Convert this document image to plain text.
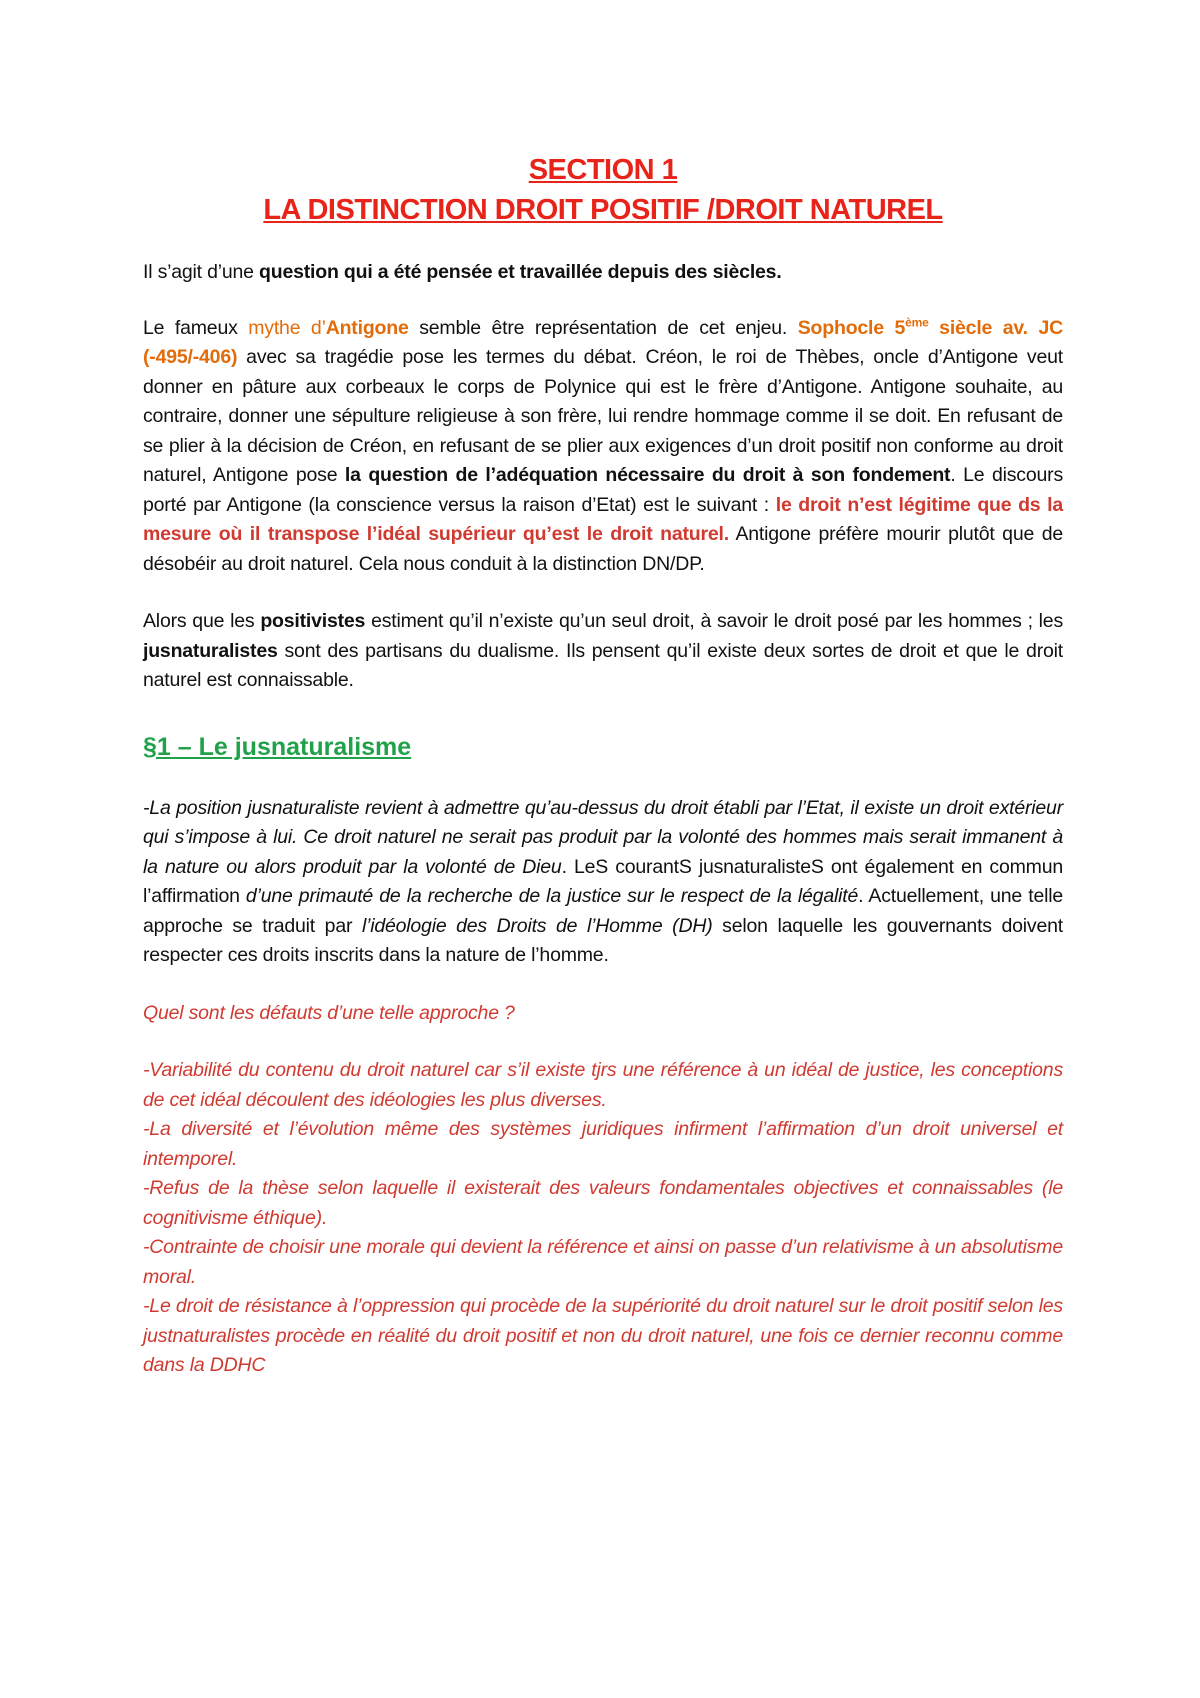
SECTION 1
LA DISTINCTION DROIT POSITIF /DROIT NATUREL

Il s’agit d’une question qui a été pensée et travaillée depuis des siècles.

Le fameux mythe d’Antigone semble être représentation de cet enjeu. Sophocle 5ème siècle av. JC (-495/-406) avec sa tragédie pose les termes du débat. Créon, le roi de Thèbes, oncle d’Antigone veut donner en pâture aux corbeaux le corps de Polynice qui est le frère d’Antigone. Antigone souhaite, au contraire, donner une sépulture religieuse à son frère, lui rendre hommage comme il se doit. En refusant de se plier à la décision de Créon, en refusant de se plier aux exigences d’un droit positif non conforme au droit naturel, Antigone pose la question de l’adéquation nécessaire du droit à son fondement. Le discours porté par Antigone (la conscience versus la raison d’Etat) est le suivant : le droit n’est légitime que ds la mesure où il transpose l’idéal supérieur qu’est le droit naturel. Antigone préfère mourir plutôt que de désobéir au droit naturel. Cela nous conduit à la distinction DN/DP.

Alors que les positivistes estiment qu’il n’existe qu’un seul droit, à savoir le droit posé par les hommes ; les jusnaturalistes sont des partisans du dualisme. Ils pensent qu’il existe deux sortes de droit et que le droit naturel est connaissable.

§1 – Le jusnaturalisme

-La position jusnaturaliste revient à admettre qu’au-dessus du droit établi par l’Etat, il existe un droit extérieur qui s’impose à lui. Ce droit naturel ne serait pas produit par la volonté des hommes mais serait immanent à la nature ou alors produit par la volonté de Dieu. LeS courantS jusnaturalisteS ont également en commun l’affirmation d’une primauté de la recherche de la justice sur le respect de la légalité. Actuellement, une telle approche se traduit par l’idéologie des Droits de l’Homme (DH) selon laquelle les gouvernants doivent respecter ces droits inscrits dans la nature de l’homme.

Quel sont les défauts d’une telle approche ?

-Variabilité du contenu du droit naturel car s’il existe tjrs une référence à un idéal de justice, les conceptions de cet idéal découlent des idéologies les plus diverses.

-La diversité et l’évolution même des systèmes juridiques infirment l’affirmation d’un droit universel et intemporel.

-Refus de la thèse selon laquelle il existerait des valeurs fondamentales objectives et connaissables (le cognitivisme éthique).

-Contrainte de choisir une morale qui devient la référence et ainsi on passe d’un relativisme à un absolutisme moral.

-Le droit de résistance à l’oppression qui procède de la supériorité du droit naturel sur le droit positif selon les justnaturalistes procède en réalité du droit positif et non du droit naturel, une fois ce dernier reconnu comme dans la DDHC
